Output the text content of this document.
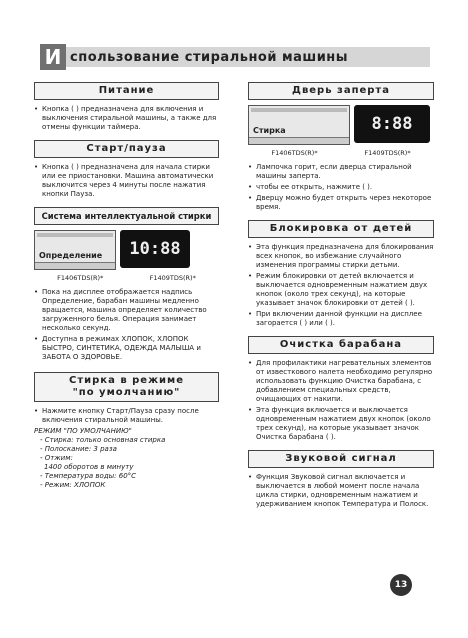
И спользование стиральной машины
Питание
• Кнопка ( ) предназначена для включения и выключения стиральной машины, а также для отмены функции таймера.
Старт/пауза
• Кнопка ( ) предназначена для начала стирки или ее приостановки. Машина автоматически выключится через 4 минуты после нажатия кнопки Пауза.
Система интеллектуальной стирки
Определение	10:88
F1406TDS(R)*	F1409TDS(R)*
• Пока на дисплее отображается надпись Определение, барабан машины медленно вращается, машина определяет количество загруженного белья. Операция занимает несколько секунд.
• Доступна в режимах ХЛОПОК, ХЛОПОК БЫСТРО, СИНТЕТИКА, ОДЕЖДА МАЛЫША и ЗАБОТА О ЗДОРОВЬЕ.
Стирка в режиме
"по умолчанию"
• Нажмите кнопку Старт/Пауза сразу после включения стиральной машины.
РЕЖИМ "ПО УМОЛЧАНИЮ"
- Стирка: только основная стирка
- Полоскание: 3 раза
- Отжим:
1400 оборотов в минуту
- Температура воды: 60°C
- Режим: ХЛОПОК
Дверь заперта
Стирка	8:88
F1406TDS(R)*	F1409TDS(R)*
• Лампочка горит, если дверца стиральной машины заперта.
• чтобы ее открыть, нажмите ( ).
• Дверцу можно будет открыть через некоторое время.
Блокировка от детей
• Эта функция предназначена для блокирования всех кнопок, во избежание случайного изменения программы стирки детьми.
• Режим блокировки от детей включается и выключается одновременным нажатием двух кнопок (около трех секунд), на которые указывает значок блокировки от детей ( ).
• При включении данной функции на дисплее загорается ( ) или ( ).
Очистка барабана
• Для профилактики нагревательных элементов от известкового налета необходимо регулярно использовать функцию Очистка барабана, с добавлением специальных средств, очищающих от накипи.
• Эта функция включается и выключается одновременным нажатием двух кнопок (около трех секунд), на которые указывает значок Очистка барабана ( ).
Звуковой сигнал
• Функция Звуковой сигнал включается и выключается в любой момент после начала цикла стирки, одновременным нажатием и удерживанием кнопок Температура и Полоск.
13
